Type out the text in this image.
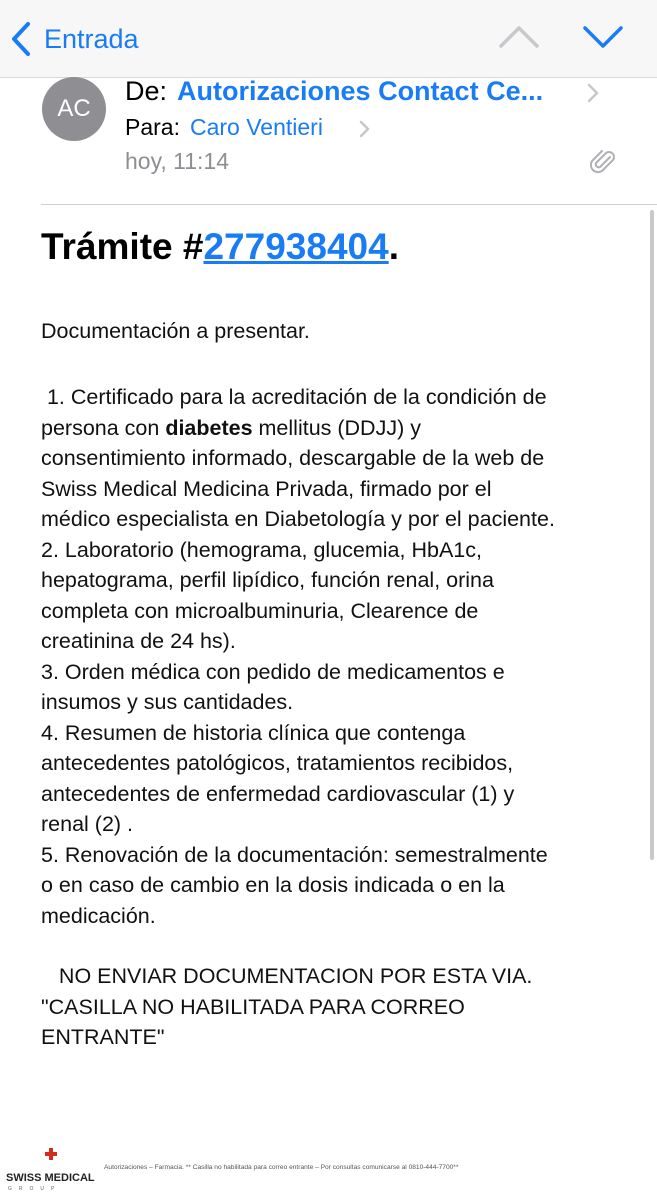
Entrada
AC
De: Autorizaciones Contact Ce...
Para: Caro Ventieri
hoy, 11:14
Trámite #277938404.
Documentación a presentar.
1. Certificado para la acreditación de la condición de
persona con diabetes mellitus (DDJJ) y
consentimiento informado, descargable de la web de
Swiss Medical Medicina Privada, firmado por el
médico especialista en Diabetología y por el paciente.
2. Laboratorio (hemograma, glucemia, HbA1c,
hepatograma, perfil lipídico, función renal, orina
completa con microalbuminuria, Clearence de
creatinina de 24 hs).
3. Orden médica con pedido de medicamentos e
insumos y sus cantidades.
4. Resumen de historia clínica que contenga
antecedentes patológicos, tratamientos recibidos,
antecedentes de enfermedad cardiovascular (1) y
renal (2) .
5. Renovación de la documentación: semestralmente
o en caso de cambio en la dosis indicada o en la
medicación.
NO ENVIAR DOCUMENTACION POR ESTA VIA.
"CASILLA NO HABILITADA PARA CORREO
ENTRANTE"
SWISS MEDICAL
GROUP
Autorizaciones – Farmacia. ** Casilla no habilitada para correo entrante – Por consultas comunicarse al 0810-444-7700**
